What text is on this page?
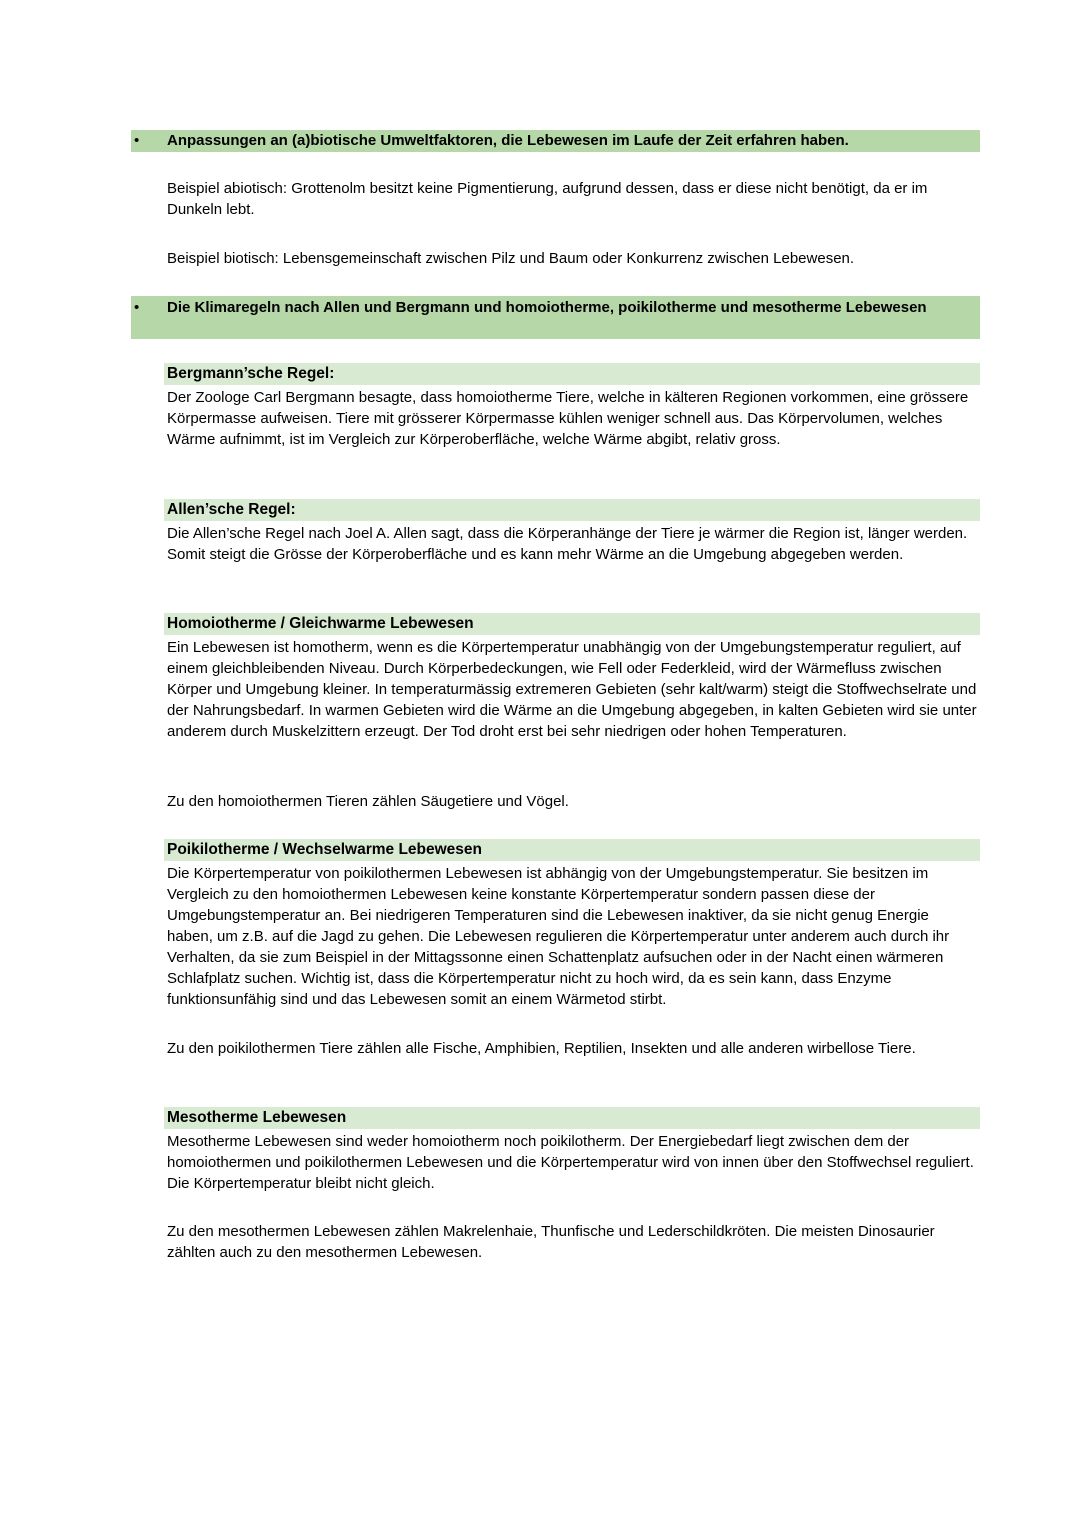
• Anpassungen an (a)biotische Umweltfaktoren, die Lebewesen im Laufe der Zeit erfahren haben.
Beispiel abiotisch: Grottenolm besitzt keine Pigmentierung, aufgrund dessen, dass er diese nicht benötigt, da er im Dunkeln lebt.
Beispiel biotisch: Lebensgemeinschaft zwischen Pilz und Baum oder Konkurrenz zwischen Lebewesen.
• Die Klimaregeln nach Allen und Bergmann und homoiotherme, poikilotherme und mesotherme Lebewesen
Bergmann’sche Regel:
Der Zoologe Carl Bergmann besagte, dass homoiotherme Tiere, welche in kälteren Regionen vorkommen, eine grössere Körpermasse aufweisen. Tiere mit grösserer Körpermasse kühlen weniger schnell aus. Das Körpervolumen, welches Wärme aufnimmt, ist im Vergleich zur Körperoberfläche, welche Wärme abgibt, relativ gross.
Allen’sche Regel:
Die Allen’sche Regel nach Joel A. Allen sagt, dass die Körperanhänge der Tiere je wärmer die Region ist, länger werden. Somit steigt die Grösse der Körperoberfläche und es kann mehr Wärme an die Umgebung abgegeben werden.
Homoiotherme / Gleichwarme Lebewesen
Ein Lebewesen ist homotherm, wenn es die Körpertemperatur unabhängig von der Umgebungstemperatur reguliert, auf einem gleichbleibenden Niveau. Durch Körperbedeckungen, wie Fell oder Federkleid, wird der Wärmefluss zwischen Körper und Umgebung kleiner. In temperaturmässig extremeren Gebieten (sehr kalt/warm) steigt die Stoffwechselrate und der Nahrungsbedarf. In warmen Gebieten wird die Wärme an die Umgebung abgegeben, in kalten Gebieten wird sie unter anderem durch Muskelzittern erzeugt. Der Tod droht erst bei sehr niedrigen oder hohen Temperaturen.
Zu den homoiothermen Tieren zählen Säugetiere und Vögel.
Poikilotherme / Wechselwarme Lebewesen
Die Körpertemperatur von poikilothermen Lebewesen ist abhängig von der Umgebungstemperatur. Sie besitzen im Vergleich zu den homoiothermen Lebewesen keine konstante Körpertemperatur sondern passen diese der Umgebungstemperatur an. Bei niedrigeren Temperaturen sind die Lebewesen inaktiver, da sie nicht genug Energie haben, um z.B. auf die Jagd zu gehen. Die Lebewesen regulieren die Körpertemperatur unter anderem auch durch ihr Verhalten, da sie zum Beispiel in der Mittagssonne einen Schattenplatz aufsuchen oder in der Nacht einen wärmeren Schlafplatz suchen. Wichtig ist, dass die Körpertemperatur nicht zu hoch wird, da es sein kann, dass Enzyme funktionsunfähig sind und das Lebewesen somit an einem Wärmetod stirbt.
Zu den poikilothermen Tiere zählen alle Fische, Amphibien, Reptilien, Insekten und alle anderen wirbellose Tiere.
Mesotherme Lebewesen
Mesotherme Lebewesen sind weder homoiotherm noch poikilotherm. Der Energiebedarf liegt zwischen dem der homoiothermen und poikilothermen Lebewesen und die Körpertemperatur wird von innen über den Stoffwechsel reguliert. Die Körpertemperatur bleibt nicht gleich.
Zu den mesothermen Lebewesen zählen Makrelenhaie, Thunfische und Lederschildkröten. Die meisten Dinosaurier zählten auch zu den mesothermen Lebewesen.
